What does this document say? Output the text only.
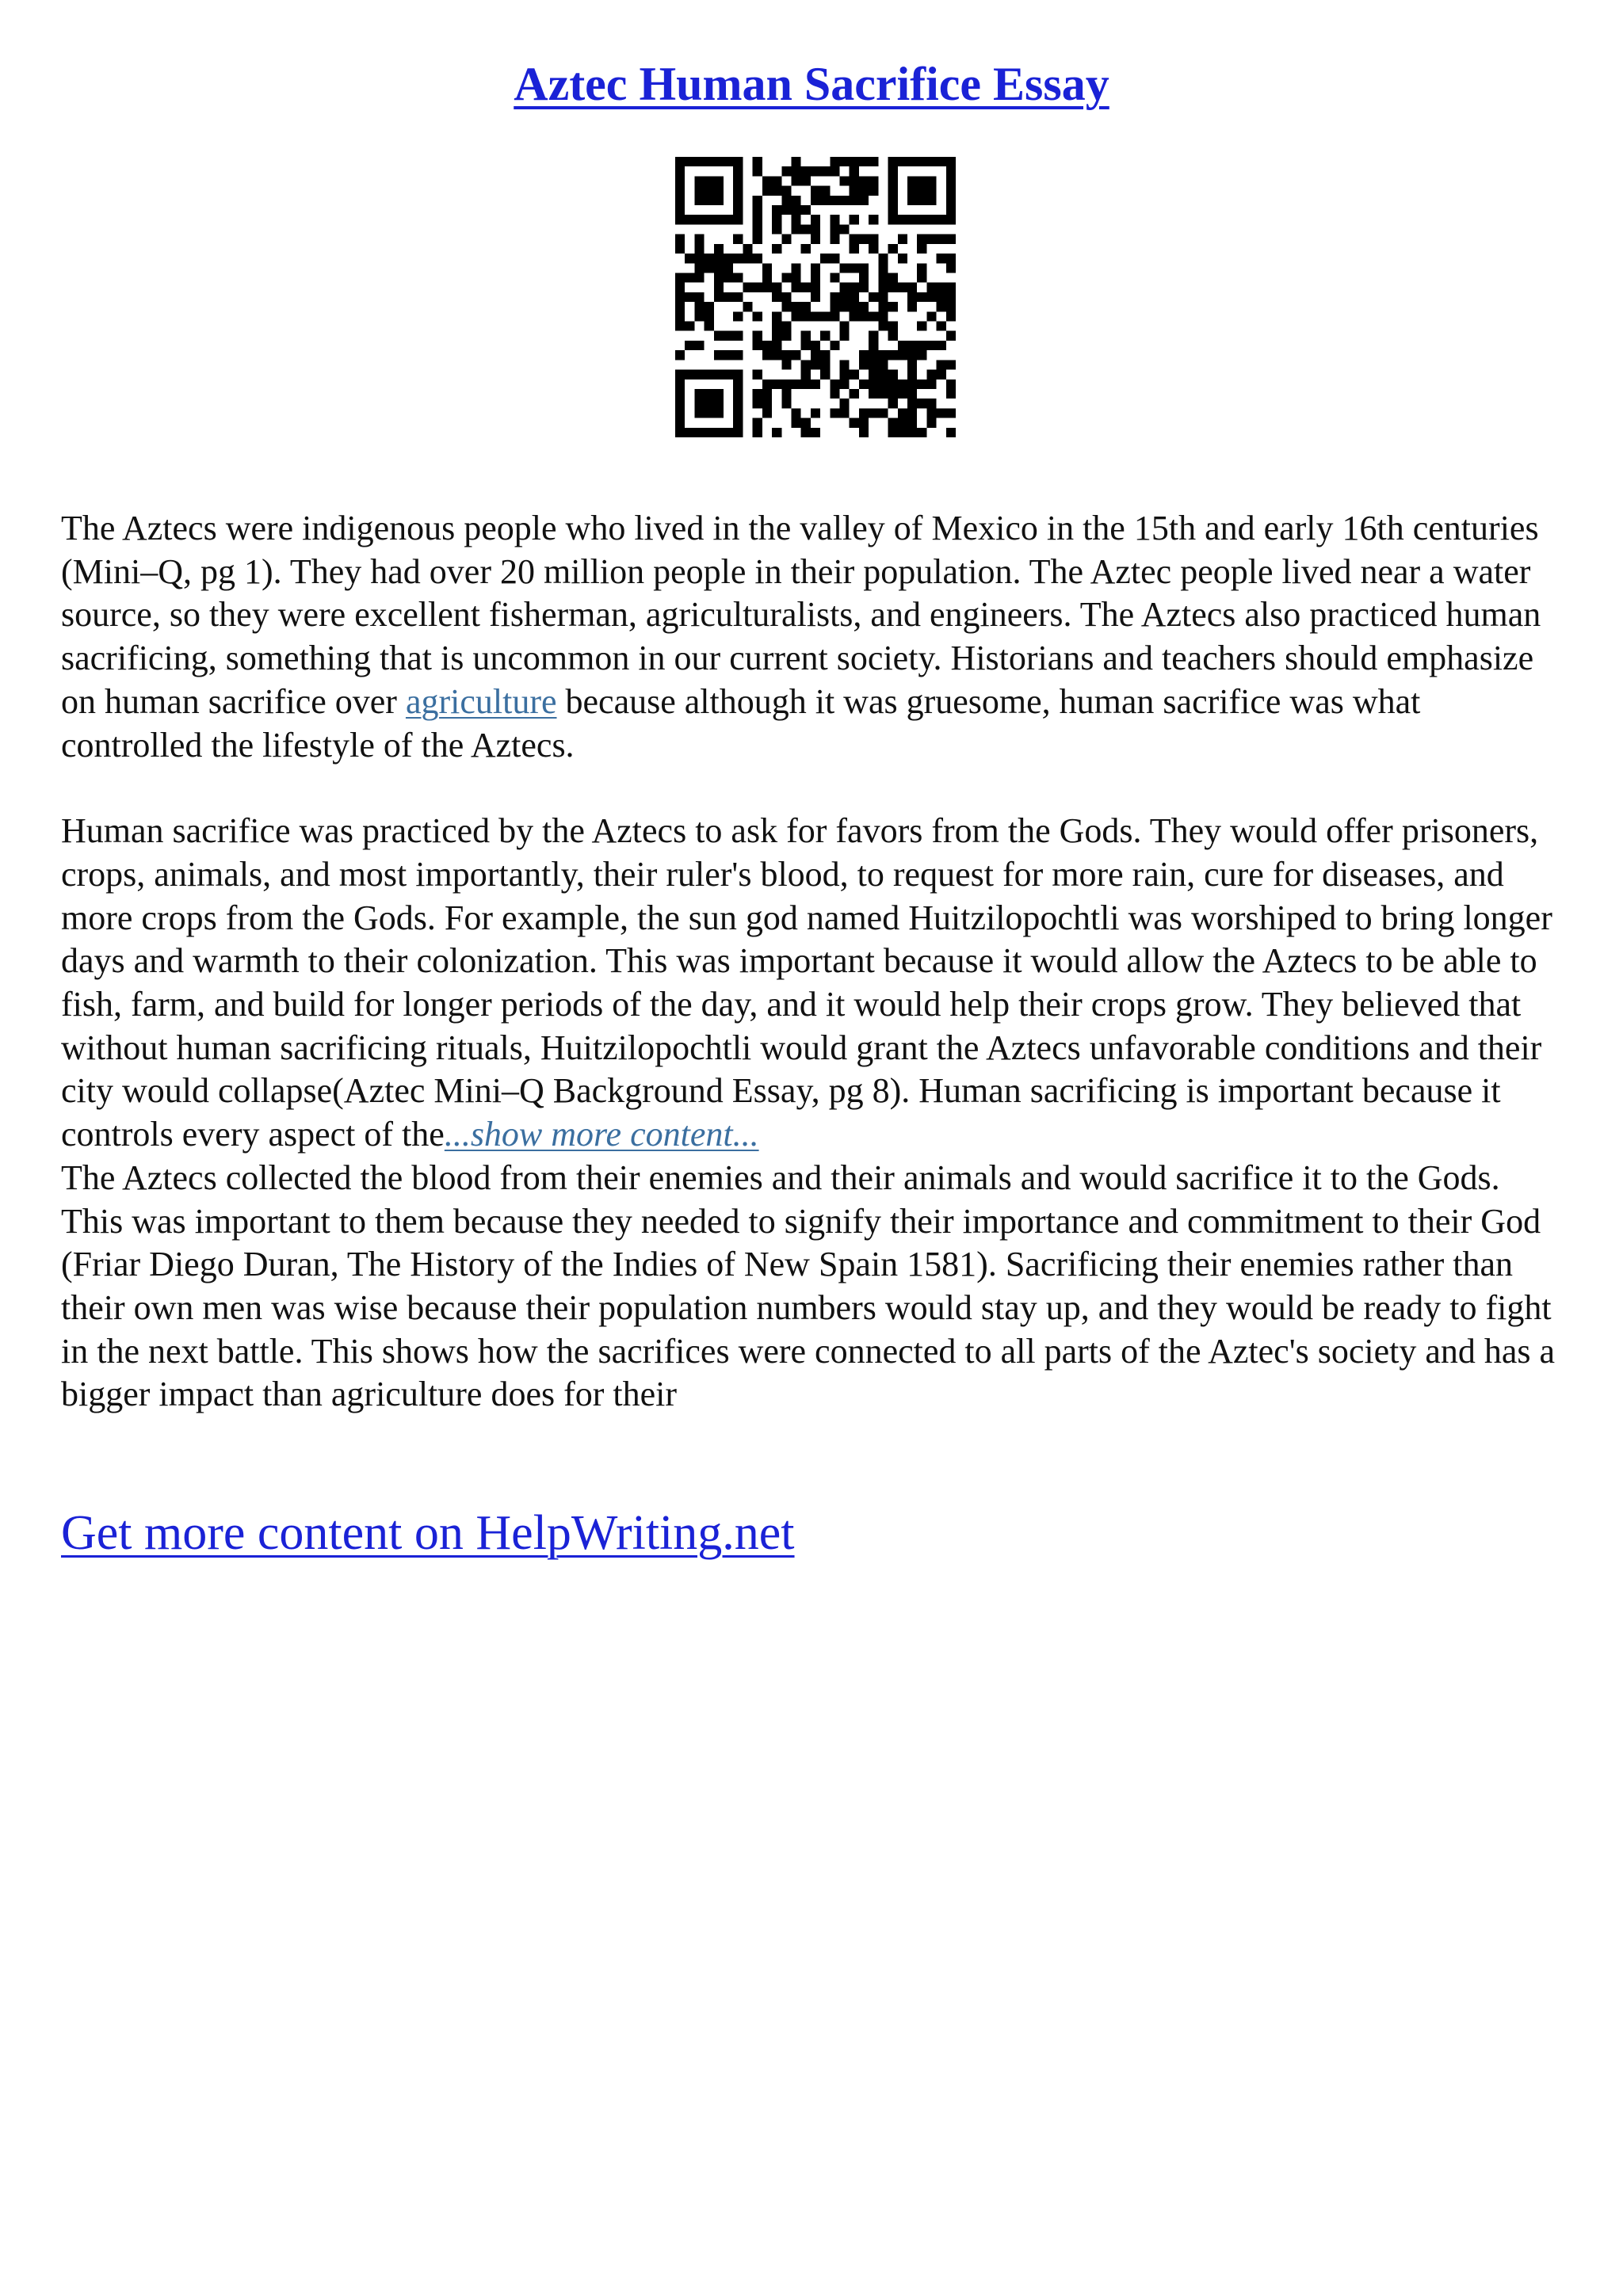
Aztec Human Sacrifice Essay

The Aztecs were indigenous people who lived in the valley of Mexico in the 15th and early 16th centuries (Mini–Q, pg 1). They had over 20 million people in their population. The Aztec people lived near a water source, so they were excellent fisherman, agriculturalists, and engineers. The Aztecs also practiced human sacrificing, something that is uncommon in our current society. Historians and teachers should emphasize on human sacrifice over agriculture because although it was gruesome, human sacrifice was what controlled the lifestyle of the Aztecs.

Human sacrifice was practiced by the Aztecs to ask for favors from the Gods. They would offer prisoners, crops, animals, and most importantly, their ruler's blood, to request for more rain, cure for diseases, and more crops from the Gods. For example, the sun god named Huitzilopochtli was worshiped to bring longer days and warmth to their colonization. This was important because it would allow the Aztecs to be able to fish, farm, and build for longer periods of the day, and it would help their crops grow. They believed that without human sacrificing rituals, Huitzilopochtli would grant the Aztecs unfavorable conditions and their city would collapse(Aztec Mini–Q Background Essay, pg 8). Human sacrificing is important because it controls every aspect of the...show more content...

The Aztecs collected the blood from their enemies and their animals and would sacrifice it to the Gods. This was important to them because they needed to signify their importance and commitment to their God (Friar Diego Duran, The History of the Indies of New Spain 1581). Sacrificing their enemies rather than their own men was wise because their population numbers would stay up, and they would be ready to fight in the next battle. This shows how the sacrifices were connected to all parts of the Aztec's society and has a bigger impact than agriculture does for their

Get more content on HelpWriting.net
